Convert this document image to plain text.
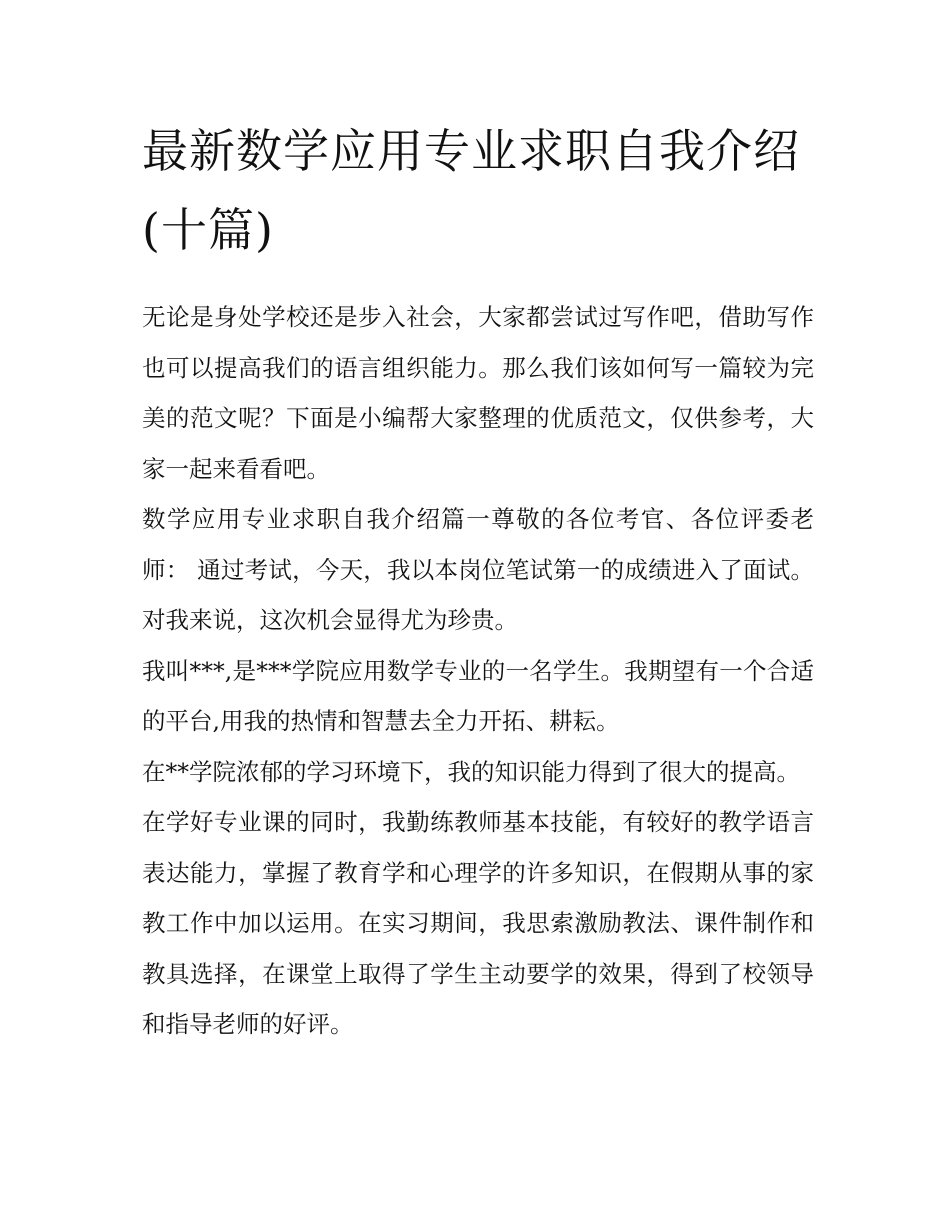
最新数学应用专业求职自我介绍(十篇)

无论是身处学校还是步入社会，大家都尝试过写作吧，借助写作也可以提高我们的语言组织能力。那么我们该如何写一篇较为完美的范文呢？下面是小编帮大家整理的优质范文，仅供参考，大家一起来看看吧。

数学应用专业求职自我介绍篇一尊敬的各位考官、各位评委老师： 通过考试，今天，我以本岗位笔试第一的成绩进入了面试。对我来说，这次机会显得尤为珍贵。

我叫***,是***学院应用数学专业的一名学生。我期望有一个合适的平台,用我的热情和智慧去全力开拓、耕耘。

在**学院浓郁的学习环境下，我的知识能力得到了很大的提高。

在学好专业课的同时，我勤练教师基本技能，有较好的教学语言表达能力，掌握了教育学和心理学的许多知识，在假期从事的家教工作中加以运用。在实习期间，我思索激励教法、课件制作和教具选择，在课堂上取得了学生主动要学的效果，得到了校领导和指导老师的好评。
